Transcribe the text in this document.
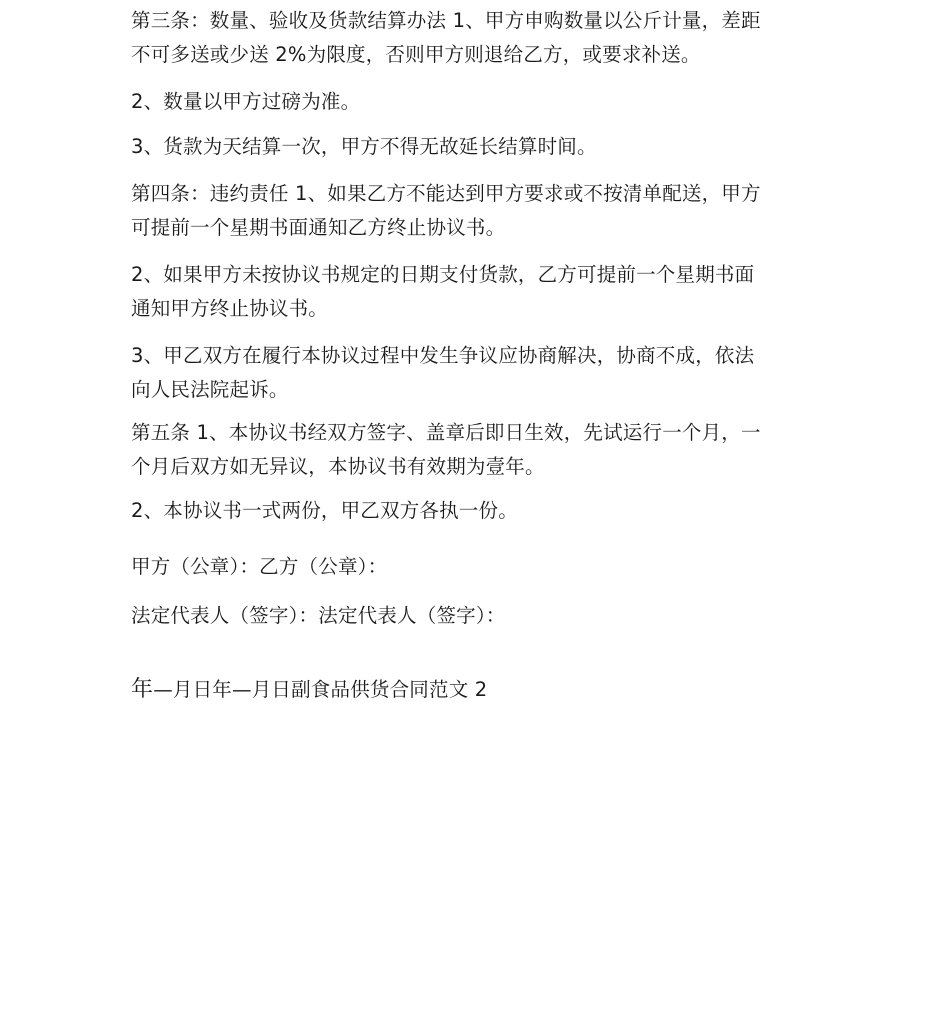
第三条：数量、验收及货款结算办法 1、甲方申购数量以公斤计量，差距
不可多送或少送 2%为限度，否则甲方则退给乙方，或要求补送。

2、数量以甲方过磅为准。

3、货款为天结算一次，甲方不得无故延长结算时间。

第四条：违约责任 1、如果乙方不能达到甲方要求或不按清单配送，甲方
可提前一个星期书面通知乙方终止协议书。

2、如果甲方未按协议书规定的日期支付货款，乙方可提前一个星期书面
通知甲方终止协议书。

3、甲乙双方在履行本协议过程中发生争议应协商解决，协商不成，依法
向人民法院起诉。

第五条 1、本协议书经双方签字、盖章后即日生效，先试运行一个月，一
个月后双方如无异议，本协议书有效期为壹年。

2、本协议书一式两份，甲乙双方各执一份。

甲方（公章）：乙方（公章）：

法定代表人（签字）：法定代表人（签字）：

年—月日年—月日副食品供货合同范文 2
